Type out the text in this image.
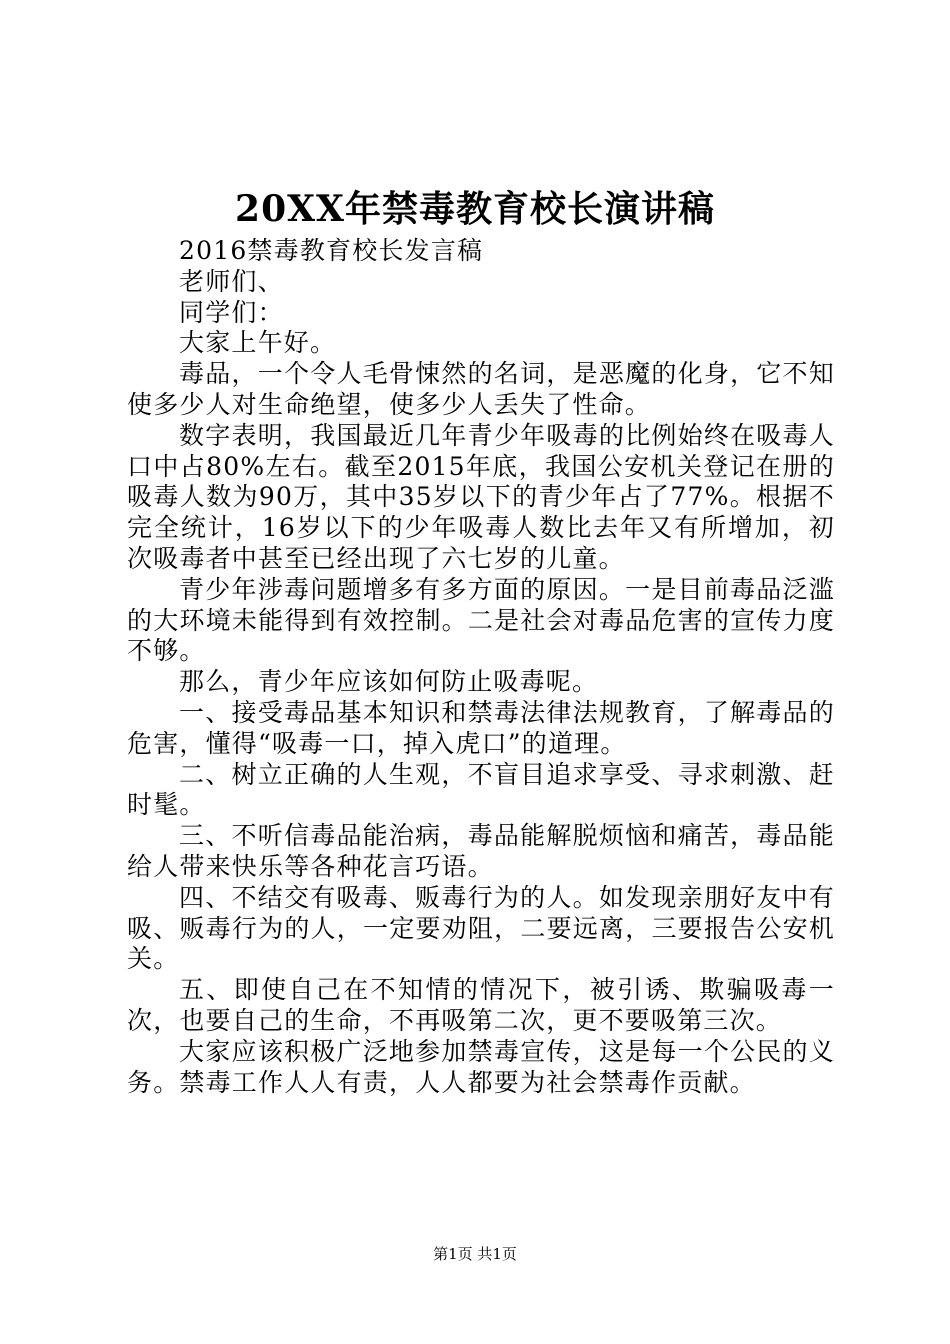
20XX年禁毒教育校长演讲稿

2016禁毒教育校长发言稿

老师们、

同学们：

大家上午好。

毒品，一个令人毛骨悚然的名词，是恶魔的化身，它不知使多少人对生命绝望，使多少人丢失了性命。

数字表明，我国最近几年青少年吸毒的比例始终在吸毒人口中占80%左右。截至2015年底，我国公安机关登记在册的吸毒人数为90万，其中35岁以下的青少年占了77%。根据不完全统计，16岁以下的少年吸毒人数比去年又有所增加，初次吸毒者中甚至已经出现了六七岁的儿童。

青少年涉毒问题增多有多方面的原因。一是目前毒品泛滥的大环境未能得到有效控制。二是社会对毒品危害的宣传力度不够。

那么，青少年应该如何防止吸毒呢。

一、接受毒品基本知识和禁毒法律法规教育，了解毒品的危害，懂得“吸毒一口，掉入虎口”的道理。

二、树立正确的人生观，不盲目追求享受、寻求刺激、赶时髦。

三、不听信毒品能治病，毒品能解脱烦恼和痛苦，毒品能给人带来快乐等各种花言巧语。

四、不结交有吸毒、贩毒行为的人。如发现亲朋好友中有吸、贩毒行为的人，一定要劝阻，二要远离，三要报告公安机关。

五、即使自己在不知情的情况下，被引诱、欺骗吸毒一次，也要自己的生命，不再吸第二次，更不要吸第三次。

大家应该积极广泛地参加禁毒宣传，这是每一个公民的义务。禁毒工作人人有责，人人都要为社会禁毒作贡献。

第1页 共1页
